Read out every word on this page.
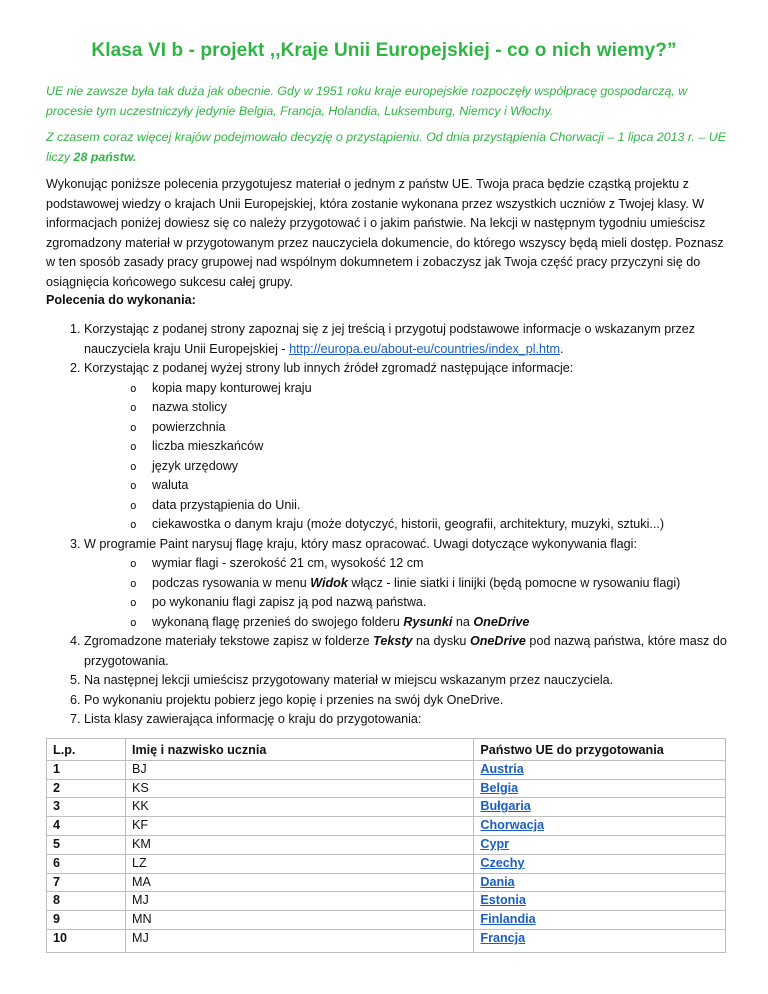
Klasa VI b - projekt ,,Kraje Unii Europejskiej - co o nich wiemy?”
UE nie zawsze była tak duża jak obecnie. Gdy w 1951 roku kraje europejskie rozpoczęły współpracę gospodarczą, w procesie tym uczestniczyły jedynie Belgia, Francja, Holandia, Luksemburg, Niemcy i Włochy.
Z czasem coraz więcej krajów podejmowało decyzję o przystąpieniu. Od dnia przystąpienia Chorwacji – 1 lipca 2013 r. – UE liczy 28 państw.
Wykonując poniższe polecenia przygotujesz materiał o jednym z państw UE. Twoja praca będzie cząstką projektu z podstawowej wiedzy o krajach Unii Europejskiej, która zostanie wykonana przez wszystkich uczniów z Twojej klasy. W informacjach poniżej dowiesz się co należy przygotować i o jakim państwie. Na lekcji w następnym tygodniu umieścisz zgromadzony materiał w przygotowanym przez nauczyciela dokumencie, do którego wszyscy będą mieli dostęp. Poznasz w ten sposób zasady pracy grupowej nad wspólnym dokumnetem i zobaczysz jak Twoja część pracy przyczyni się do osiągnięcia końcowego sukcesu całej grupy.
Polecenia do wykonania:
1. Korzystając z podanej strony zapoznaj się z jej treścią i przygotuj podstawowe informacje o wskazanym przez nauczyciela kraju Unii Europejskiej - http://europa.eu/about-eu/countries/index_pl.htm.
2. Korzystając z podanej wyżej strony lub innych źródeł zgromadź następujące informacje:
o kopia mapy konturowej kraju
o nazwa stolicy
o powierzchnia
o liczba mieszkańców
o język urzędowy
o waluta
o data przystąpienia do Unii.
o ciekawostka o danym kraju (może dotyczyć, historii, geografii, architektury, muzyki, sztuki...)
3. W programie Paint narysuj flagę kraju, który masz opracować. Uwagi dotyczące wykonywania flagi:
o wymiar flagi - szerokość 21 cm, wysokość 12 cm
o podczas rysowania w menu Widok włącz - linie siatki i linijki (będą pomocne w rysowaniu flagi)
o po wykonaniu flagi zapisz ją pod nazwą państwa.
o wykonaną flagę przenieś do swojego folderu Rysunki na OneDrive
4. Zgromadzone materiały tekstowe zapisz w folderze Teksty na dysku OneDrive pod nazwą państwa, które masz do przygotowania.
5. Na następnej lekcji umieścisz przygotowany materiał w miejscu wskazanym przez nauczyciela.
6. Po wykonaniu projektu pobierz jego kopię i przenies na swój dyk OneDrive.
7. Lista klasy zawierająca informację o kraju do przygotowania:
L.p.	Imię i nazwisko ucznia	Państwo UE do przygotowania
1	BJ	Austria
2	KS	Belgia
3	KK	Bułgaria
4	KF	Chorwacja
5	KM	Cypr
6	LZ	Czechy
7	MA	Dania
8	MJ	Estonia
9	MN	Finlandia
10	MJ	Francja
